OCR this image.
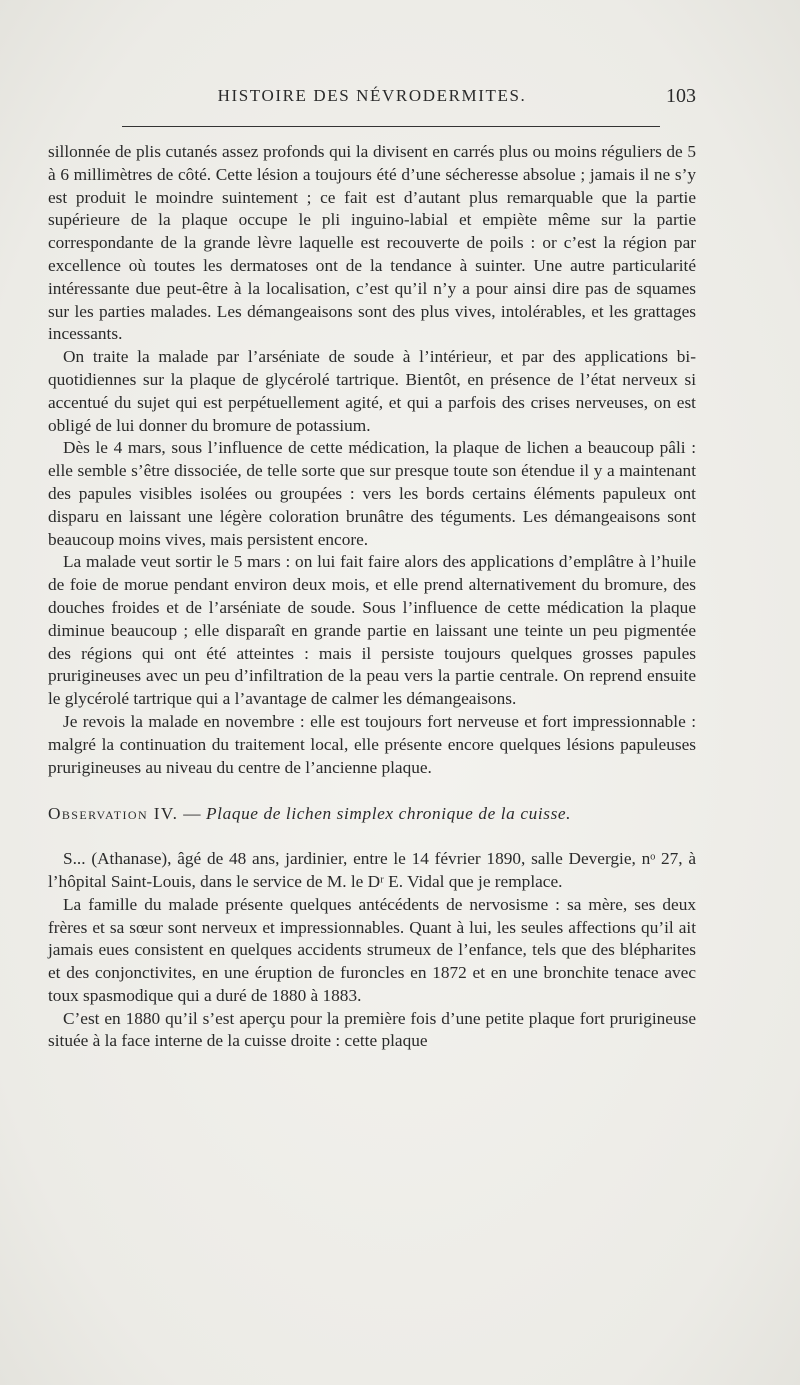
HISTOIRE DES NÉVRODERMITES.	103

sillonnée de plis cutanés assez profonds qui la divisent en carrés plus ou moins réguliers de 5 à 6 millimètres de côté. Cette lésion a toujours été d’une sécheresse absolue ; jamais il ne s’y est produit le moindre suintement ; ce fait est d’autant plus remarquable que la partie supérieure de la plaque occupe le pli inguino-labial et empiète même sur la partie correspondante de la grande lèvre laquelle est recouverte de poils : or c’est la région par excellence où toutes les dermatoses ont de la tendance à suinter. Une autre particularité intéressante due peut-être à la localisation, c’est qu’il n’y a pour ainsi dire pas de squames sur les parties malades. Les démangeaisons sont des plus vives, intolérables, et les grattages incessants.

On traite la malade par l’arséniate de soude à l’intérieur, et par des applications bi-quotidiennes sur la plaque de glycérolé tartrique. Bientôt, en présence de l’état nerveux si accentué du sujet qui est perpétuellement agité, et qui a parfois des crises nerveuses, on est obligé de lui donner du bromure de potassium.

Dès le 4 mars, sous l’influence de cette médication, la plaque de lichen a beaucoup pâli : elle semble s’être dissociée, de telle sorte que sur presque toute son étendue il y a maintenant des papules visibles isolées ou groupées : vers les bords certains éléments papuleux ont disparu en laissant une légère coloration brunâtre des téguments. Les démangeaisons sont beaucoup moins vives, mais persistent encore.

La malade veut sortir le 5 mars : on lui fait faire alors des applications d’emplâtre à l’huile de foie de morue pendant environ deux mois, et elle prend alternativement du bromure, des douches froides et de l’arséniate de soude. Sous l’influence de cette médication la plaque diminue beaucoup ; elle disparaît en grande partie en laissant une teinte un peu pigmentée des régions qui ont été atteintes : mais il persiste toujours quelques grosses papules prurigineuses avec un peu d’infiltration de la peau vers la partie centrale. On reprend ensuite le glycérolé tartrique qui a l’avantage de calmer les démangeaisons.

Je revois la malade en novembre : elle est toujours fort nerveuse et fort impressionnable : malgré la continuation du traitement local, elle présente encore quelques lésions papuleuses prurigineuses au niveau du centre de l’ancienne plaque.

Observation IV. — Plaque de lichen simplex chronique de la cuisse.

S... (Athanase), âgé de 48 ans, jardinier, entre le 14 février 1890, salle Devergie, nᵒ 27, à l’hôpital Saint-Louis, dans le service de M. le Dʳ E. Vidal que je remplace.

La famille du malade présente quelques antécédents de nervosisme : sa mère, ses deux frères et sa sœur sont nerveux et impressionnables. Quant à lui, les seules affections qu’il ait jamais eues consistent en quelques accidents strumeux de l’enfance, tels que des blépharites et des conjonctivites, en une éruption de furoncles en 1872 et en une bronchite tenace avec toux spasmodique qui a duré de 1880 à 1883.

C’est en 1880 qu’il s’est aperçu pour la première fois d’une petite plaque fort prurigineuse située à la face interne de la cuisse droite : cette plaque
